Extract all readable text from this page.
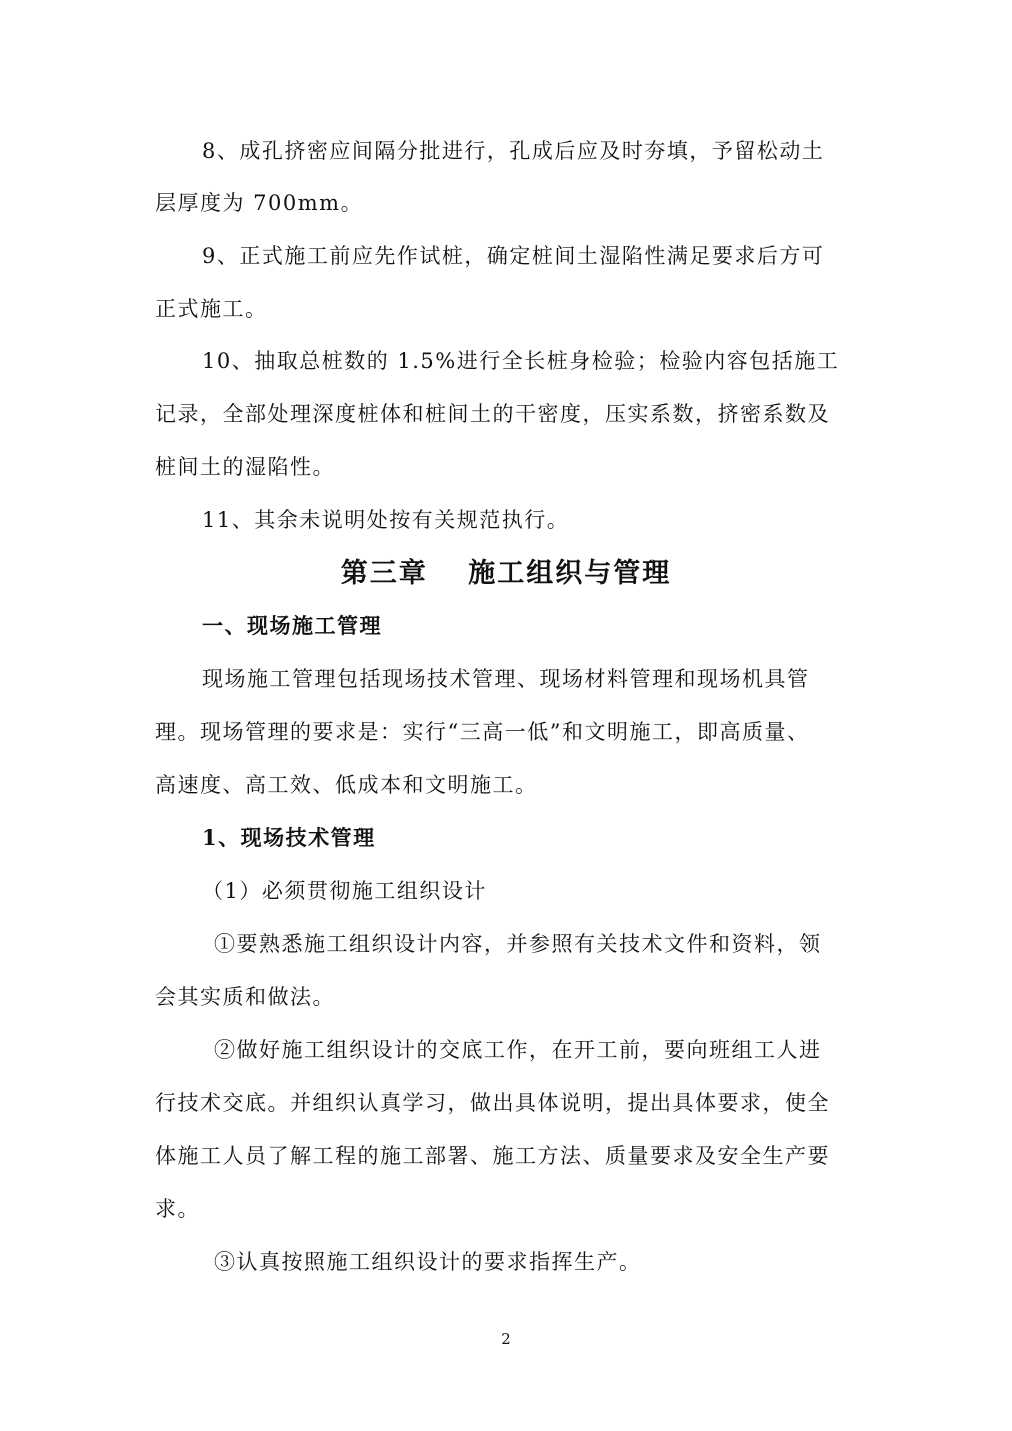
8、成孔挤密应间隔分批进行，孔成后应及时夯填，予留松动土
层厚度为 700mm。
9、正式施工前应先作试桩，确定桩间土湿陷性满足要求后方可
正式施工。
10、抽取总桩数的 1.5%进行全长桩身检验；检验内容包括施工
记录，全部处理深度桩体和桩间土的干密度，压实系数，挤密系数及
桩间土的湿陷性。
11、其余未说明处按有关规范执行。
第三章　 施工组织与管理
一、现场施工管理
现场施工管理包括现场技术管理、现场材料管理和现场机具管
理。现场管理的要求是：实行“三高一低”和文明施工，即高质量、
高速度、高工效、低成本和文明施工。
1、现场技术管理
（1）必须贯彻施工组织设计
①要熟悉施工组织设计内容，并参照有关技术文件和资料，领
会其实质和做法。
②做好施工组织设计的交底工作，在开工前，要向班组工人进
行技术交底。并组织认真学习，做出具体说明，提出具体要求，使全
体施工人员了解工程的施工部署、施工方法、质量要求及安全生产要
求。
③认真按照施工组织设计的要求指挥生产。
2
